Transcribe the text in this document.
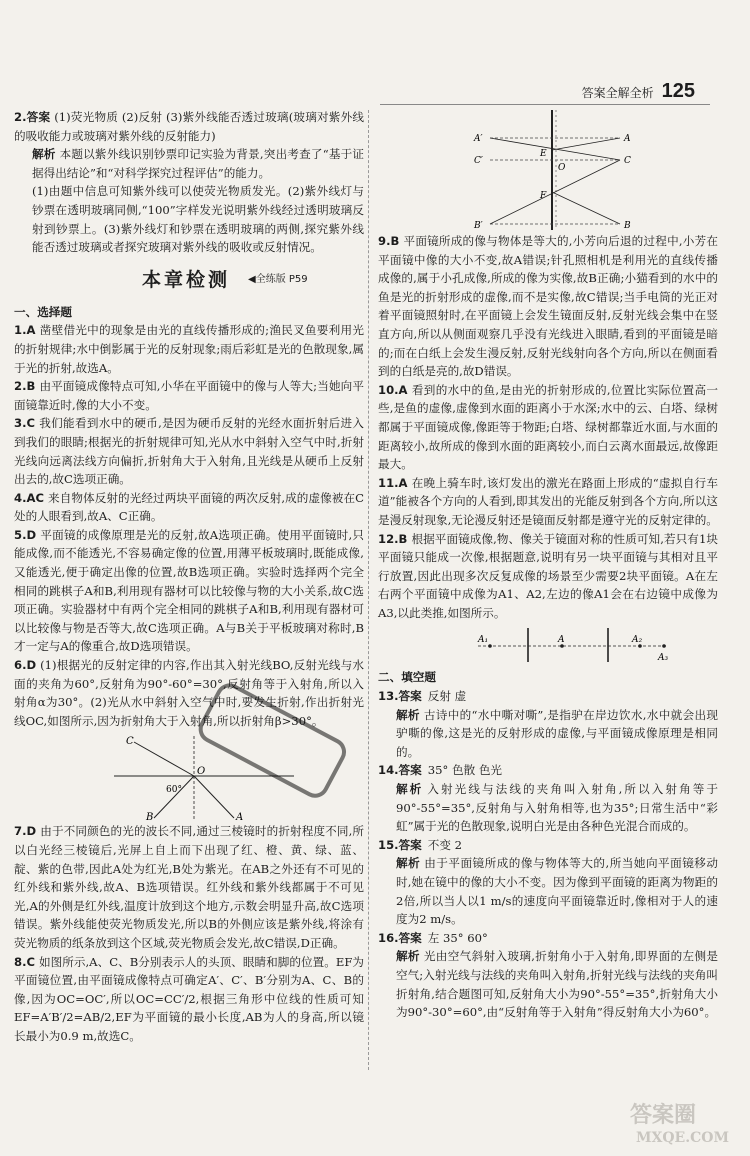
答案全解全析 125
2.答案 (1)荧光物质 (2)反射 (3)紫外线能否透过玻璃(玻璃对紫外线的吸收能力或玻璃对紫外线的反射能力)
解析 本题以紫外线识别钞票印记实验为背景,突出考查了“基于证据得出结论”和“对科学探究过程评估”的能力。
(1)由题中信息可知紫外线可以使荧光物质发光。(2)紫外线灯与钞票在透明玻璃同侧,“100”字样发光说明紫外线经过透明玻璃反射到钞票上。(3)紫外线灯和钞票在透明玻璃的两侧,探究紫外线能否透过玻璃或者探究玻璃对紫外线的吸收或反射情况。
本章检测 ◀全练版 P59
一、选择题
1.A 凿壁借光中的现象是由光的直线传播形成的;渔民叉鱼要利用光的折射规律;水中倒影属于光的反射现象;雨后彩虹是光的色散现象,属于光的折射,故选A。
2.B 由平面镜成像特点可知,小华在平面镜中的像与人等大;当她向平面镜靠近时,像的大小不变。
3.C 我们能看到水中的硬币,是因为硬币反射的光经水面折射后进入到我们的眼睛;根据光的折射规律可知,光从水中斜射入空气中时,折射光线向远离法线方向偏折,折射角大于入射角,且光线是从硬币上反射出去的,故C选项正确。
4.AC 来自物体反射的光经过两块平面镜的两次反射,成的虚像被在C处的人眼看到,故A、C正确。
5.D 平面镜的成像原理是光的反射,故A选项正确。使用平面镜时,只能成像,而不能透光,不容易确定像的位置,用薄平板玻璃时,既能成像,又能透光,便于确定出像的位置,故B选项正确。实验时选择两个完全相同的跳棋子A和B,利用现有器材可以比较像与物的大小关系,故C选项正确。实验器材中有两个完全相同的跳棋子A和B,利用现有器材可以比较像与物是否等大,故C选项正确。A与B关于平板玻璃对称时,B才一定与A的像重合,故D选项错误。
6.D (1)根据光的反射定律的内容,作出其入射光线BO,反射光线与水面的夹角为60°,反射角为90°-60°=30°,反射角等于入射角,所以入射角α为30°。(2)光从水中斜射入空气中时,要发生折射,作出折射光线OC,如图所示,因为折射角大于入射角,所以折射角β>30°。
C
O
60°
B	A
7.D 由于不同颜色的光的波长不同,通过三棱镜时的折射程度不同,所以白光经三棱镜后,光屏上自上而下出现了红、橙、黄、绿、蓝、靛、紫的色带,因此A处为红光,B处为紫光。在AB之外还有不可见的红外线和紫外线,故A、B选项错误。红外线和紫外线都属于不可见光,A的外侧是红外线,温度计放到这个地方,示数会明显升高,故C选项错误。紫外线能使荧光物质发光,所以B的外侧应该是紫外线,将涂有荧光物质的纸条放到这个区域,荧光物质会发光,故C错误,D正确。
8.C 如图所示,A、C、B分别表示人的头顶、眼睛和脚的位置。EF为平面镜位置,由平面镜成像特点可确定A′、C′、B′分别为A、C、B的像,因为OC=OC′,所以OC=CC′/2,根据三角形中位线的性质可知EF=A′B′/2=AB/2,EF为平面镜的最小长度,AB为人的身高,所以镜长最小为0.9 m,故选C。
A′
C′
B′
A
C
B
E
O
F
9.B 平面镜所成的像与物体是等大的,小芳向后退的过程中,小芳在平面镜中像的大小不变,故A错误;针孔照相机是利用光的直线传播成像的,属于小孔成像,所成的像为实像,故B正确;小猫看到的水中的鱼是光的折射形成的虚像,而不是实像,故C错误;当手电筒的光正对着平面镜照射时,在平面镜上会发生镜面反射,反射光线会集中在竖直方向,所以从侧面观察几乎没有光线进入眼睛,看到的平面镜是暗的;而在白纸上会发生漫反射,反射光线射向各个方向,所以在侧面看到的白纸是亮的,故D错误。
10.A 看到的水中的鱼,是由光的折射形成的,位置比实际位置高一些,是鱼的虚像,虚像到水面的距离小于水深;水中的云、白塔、绿树都属于平面镜成像,像距等于物距;白塔、绿树都靠近水面,与水面的距离较小,故所成的像到水面的距离较小,而白云离水面最远,故像距最大。
11.A 在晚上骑车时,该灯发出的激光在路面上形成的“虚拟自行车道”能被各个方向的人看到,即其发出的光能反射到各个方向,所以这是漫反射现象,无论漫反射还是镜面反射都是遵守光的反射定律的。
12.B 根据平面镜成像,物、像关于镜面对称的性质可知,若只有1块平面镜只能成一次像,根据题意,说明有另一块平面镜与其相对且平行放置,因此出现多次反复成像的场景至少需要2块平面镜。A在左右两个平面镜中成像为A1、A2,左边的像A1会在右边镜中成像为A3,以此类推,如图所示。
A₁	A	A₂
A₃
二、填空题
13.答案 反射 虚
解析 古诗中的“水中嘶对嘶”,是指驴在岸边饮水,水中就会出现驴嘶的像,这是光的反射形成的虚像,与平面镜成像原理是相同的。
14.答案 35° 色散 色光
解析 入射光线与法线的夹角叫入射角,所以入射角等于90°-55°=35°,反射角与入射角相等,也为35°;日常生活中“彩虹”属于光的色散现象,说明白光是由各种色光混合而成的。
15.答案 不变 2
解析 由于平面镜所成的像与物体等大的,所当她向平面镜移动时,她在镜中的像的大小不变。因为像到平面镜的距离为物距的2倍,所以当人以1 m/s的速度向平面镜靠近时,像相对于人的速度为2 m/s。
16.答案 左 35° 60°
解析 光由空气斜射入玻璃,折射角小于入射角,即界面的左侧是空气;入射光线与法线的夹角叫入射角,折射光线与法线的夹角叫折射角,结合题图可知,反射角大小为90°-55°=35°,折射角大小为90°-30°=60°,由“反射角等于入射角”得反射角大小为60°。
答案圈
MXQE.COM
